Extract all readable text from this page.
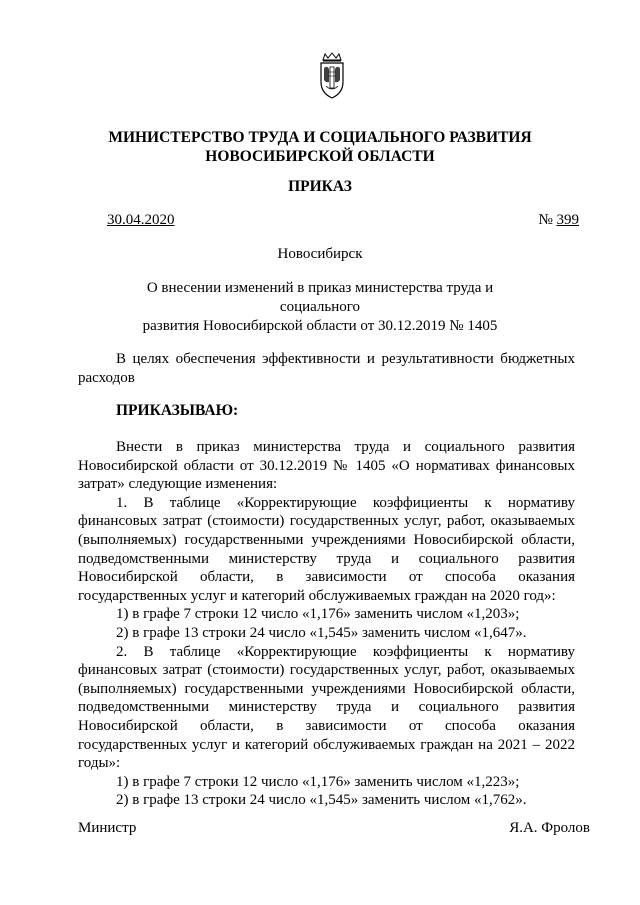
МИНИСТЕРСТВО ТРУДА И СОЦИАЛЬНОГО РАЗВИТИЯ
НОВОСИБИРСКОЙ ОБЛАСТИ
ПРИКАЗ
30.04.2020	№ 399
Новосибирск
О внесении изменений в приказ министерства труда и социального
развития Новосибирской области от 30.12.2019 № 1405

В целях обеспечения эффективности и результативности бюджетных расходов

ПРИКАЗЫВАЮ:

Внести в приказ министерства труда и социального развития Новосибирской области от 30.12.2019 № 1405 «О нормативах финансовых затрат» следующие изменения:

1. В таблице «Корректирующие коэффициенты к нормативу финансовых затрат (стоимости) государственных услуг, работ, оказываемых (выполняемых) государственными учреждениями Новосибирской области, подведомственными министерству труда и социального развития Новосибирской области, в зависимости от способа оказания государственных услуг и категорий обслуживаемых граждан на 2020 год»:

1) в графе 7 строки 12 число «1,176» заменить числом «1,203»;

2) в графе 13 строки 24 число «1,545» заменить числом «1,647».

2. В таблице «Корректирующие коэффициенты к нормативу финансовых затрат (стоимости) государственных услуг, работ, оказываемых (выполняемых) государственными учреждениями Новосибирской области, подведомственными министерству труда и социального развития Новосибирской области, в зависимости от способа оказания государственных услуг и категорий обслуживаемых граждан на 2021 – 2022 годы»:

1) в графе 7 строки 12 число «1,176» заменить числом «1,223»;

2) в графе 13 строки 24 число «1,545» заменить числом «1,762».

Министр	Я.А. Фролов
